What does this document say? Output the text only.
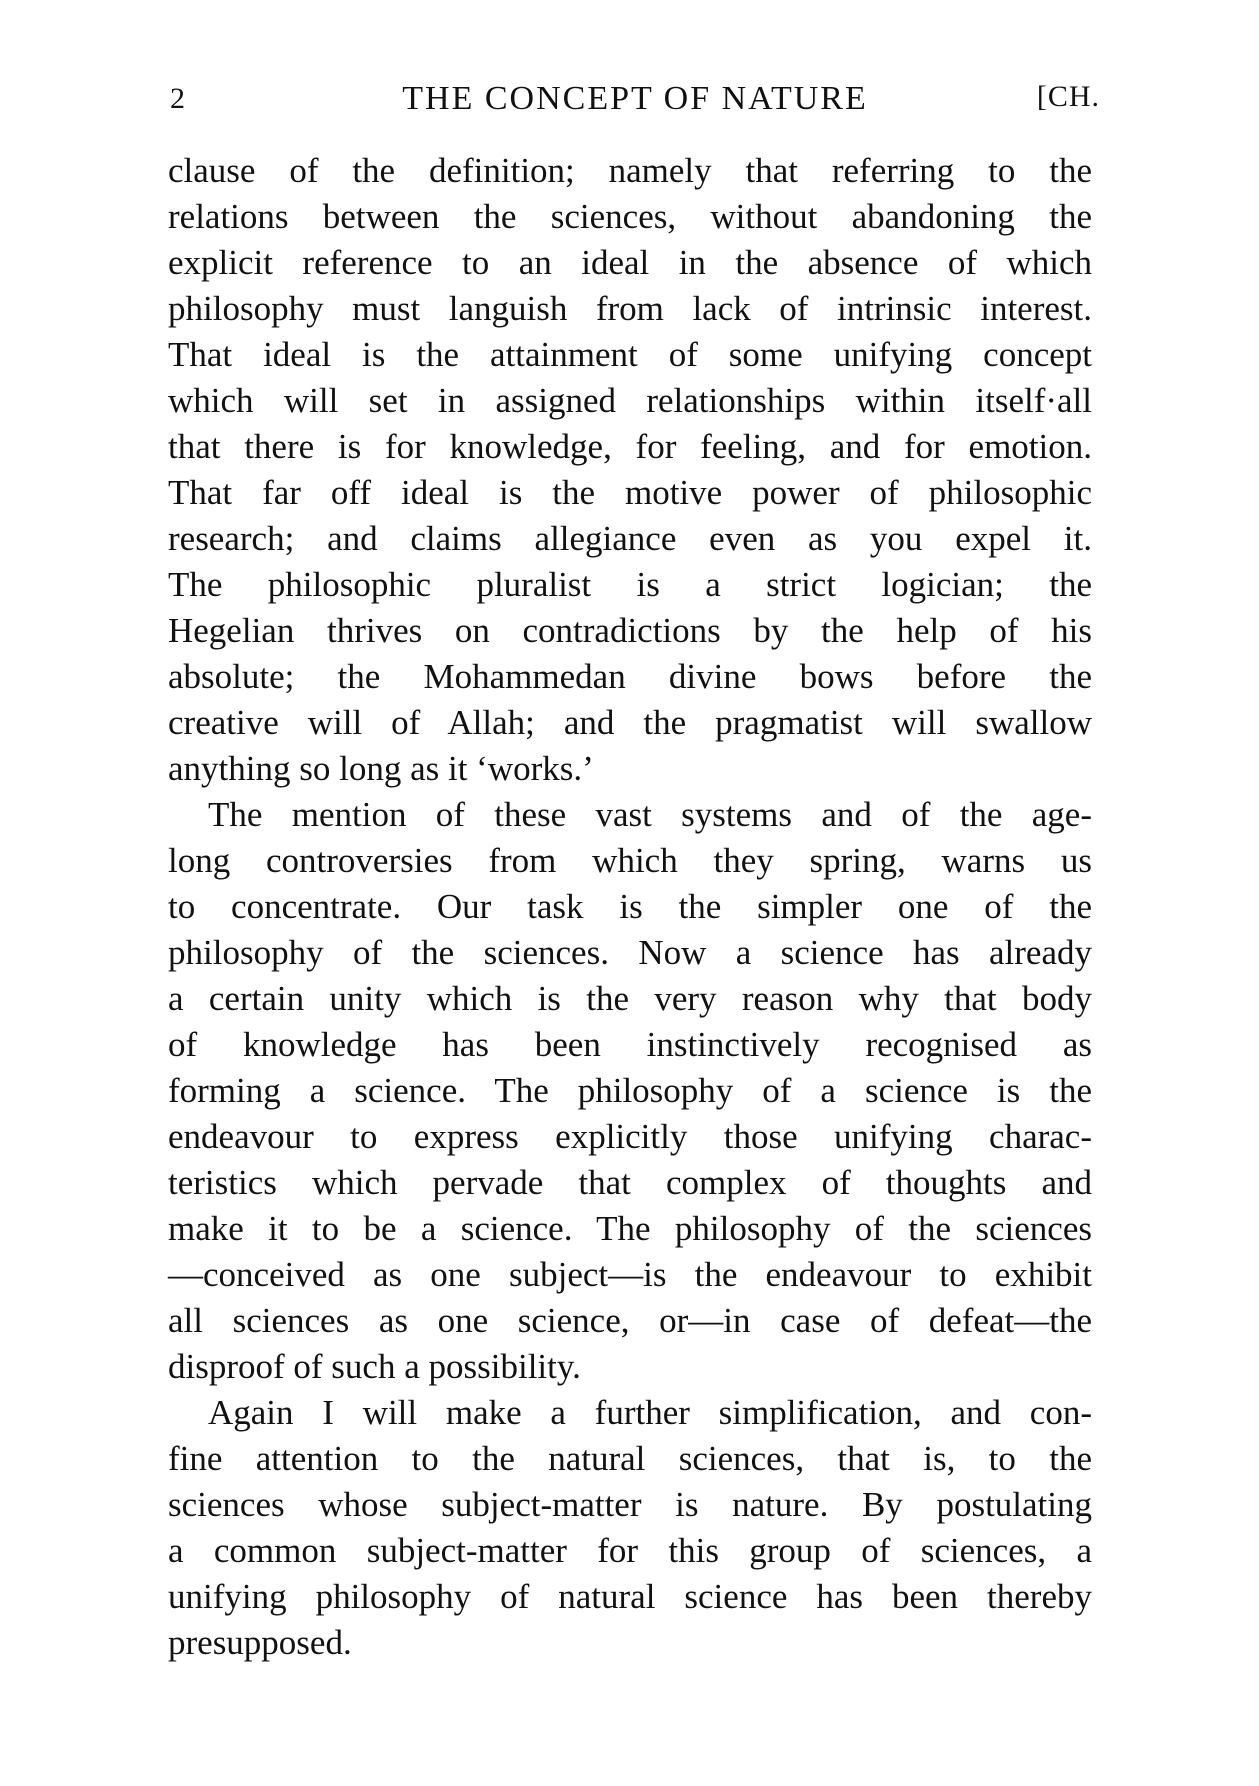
2	THE CONCEPT OF NATURE	[CH.
clause of the definition; namely that referring to the
relations between the sciences, without abandoning the
explicit reference to an ideal in the absence of which
philosophy must languish from lack of intrinsic interest.
That ideal is the attainment of some unifying concept
which will set in assigned relationships within itself·all
that there is for knowledge, for feeling, and for emotion.
That far off ideal is the motive power of philosophic
research; and claims allegiance even as you expel it.
The philosophic pluralist is a strict logician; the
Hegelian thrives on contradictions by the help of his
absolute; the Mohammedan divine bows before the
creative will of Allah; and the pragmatist will swallow
anything so long as it ‘works.’
The mention of these vast systems and of the age-
long controversies from which they spring, warns us
to concentrate. Our task is the simpler one of the
philosophy of the sciences. Now a science has already
a certain unity which is the very reason why that body
of knowledge has been instinctively recognised as
forming a science. The philosophy of a science is the
endeavour to express explicitly those unifying charac-
teristics which pervade that complex of thoughts and
make it to be a science. The philosophy of the sciences
—conceived as one subject—is the endeavour to exhibit
all sciences as one science, or—in case of defeat—the
disproof of such a possibility.
Again I will make a further simplification, and con-
fine attention to the natural sciences, that is, to the
sciences whose subject-matter is nature. By postulating
a common subject-matter for this group of sciences, a
unifying philosophy of natural science has been thereby
presupposed.
